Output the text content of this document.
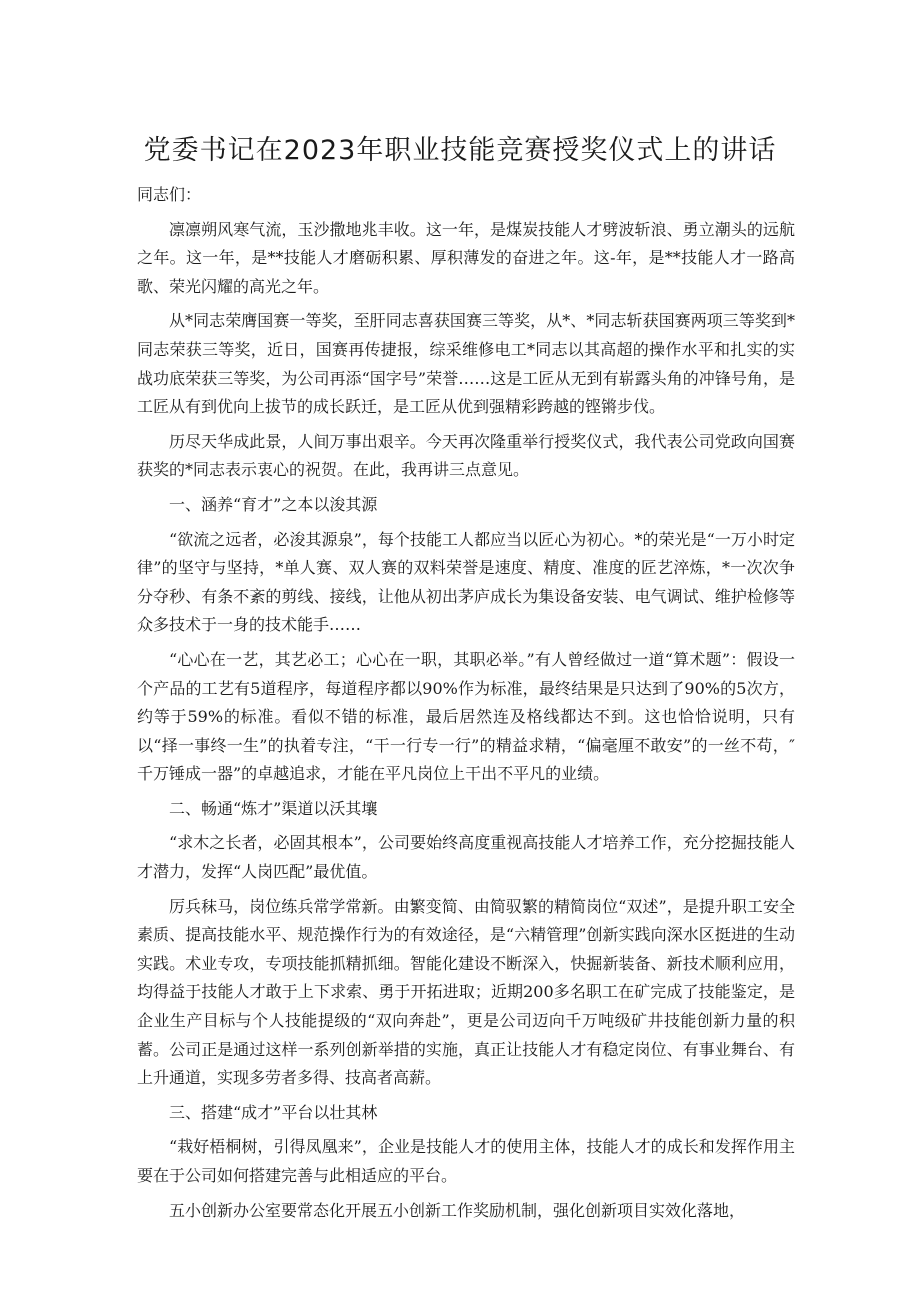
党委书记在2023年职业技能竞赛授奖仪式上的讲话

同志们：

凛凛朔风寒气流，玉沙撒地兆丰收。这一年，是煤炭技能人才劈波斩浪、勇立潮头的远航之年。这一年，是**技能人才磨砺积累、厚积薄发的奋进之年。这-年，是**技能人才一路高歌、荣光闪耀的高光之年。

从*同志荣膺国赛一等奖，至肝同志喜获国赛三等奖，从*、*同志斩获国赛两项三等奖到*同志荣获三等奖，近日，国赛再传捷报，综采维修电工*同志以其高超的操作水平和扎实的实战功底荣获三等奖，为公司再添“国字号”荣誉……这是工匠从无到有崭露头角的冲锋号角，是工匠从有到优向上拔节的成长跃迁，是工匠从优到强精彩跨越的铿锵步伐。

历尽天华成此景，人间万事出艰辛。今天再次隆重举行授奖仪式，我代表公司党政向国赛获奖的*同志表示衷心的祝贺。在此，我再讲三点意见。

一、涵养“育才”之本以浚其源

“欲流之远者，必浚其源泉”，每个技能工人都应当以匠心为初心。*的荣光是“一万小时定律”的坚守与坚持，*单人赛、双人赛的双料荣誉是速度、精度、准度的匠艺淬炼，*一次次争分夺秒、有条不紊的剪线、接线，让他从初出茅庐成长为集设备安装、电气调试、维护检修等众多技术于一身的技术能手……

“心心在一艺，其艺必工；心心在一职，其职必举。”有人曾经做过一道“算术题”：假设一个产品的工艺有5道程序，每道程序都以90%作为标准，最终结果是只达到了90%的5次方，约等于59%的标准。看似不错的标准，最后居然连及格线都达不到。这也恰恰说明，只有以“择一事终一生”的执着专注，“干一行专一行”的精益求精，“偏毫厘不敢安”的一丝不苟，″千万锤成一器”的卓越追求，才能在平凡岗位上干出不平凡的业绩。

二、畅通“炼才”渠道以沃其壤

“求木之长者，必固其根本”，公司要始终高度重视高技能人才培养工作，充分挖掘技能人才潜力，发挥“人岗匹配”最优值。

厉兵秣马，岗位练兵常学常新。由繁变简、由简驭繁的精简岗位“双述”，是提升职工安全素质、提高技能水平、规范操作行为的有效途径，是“六精管理”创新实践向深水区挺进的生动实践。术业专攻，专项技能抓精抓细。智能化建设不断深入，快掘新装备、新技术顺利应用，均得益于技能人才敢于上下求索、勇于开拓进取；近期200多名职工在矿完成了技能鉴定，是企业生产目标与个人技能提级的“双向奔赴”，更是公司迈向千万吨级矿井技能创新力量的积蓄。公司正是通过这样一系列创新举措的实施，真正让技能人才有稳定岗位、有事业舞台、有上升通道，实现多劳者多得、技高者高薪。

三、搭建“成才”平台以壮其林

“栽好梧桐树，引得凤凰来”，企业是技能人才的使用主体，技能人才的成长和发挥作用主要在于公司如何搭建完善与此相适应的平台。

五小创新办公室要常态化开展五小创新工作奖励机制，强化创新项目实效化落地，
